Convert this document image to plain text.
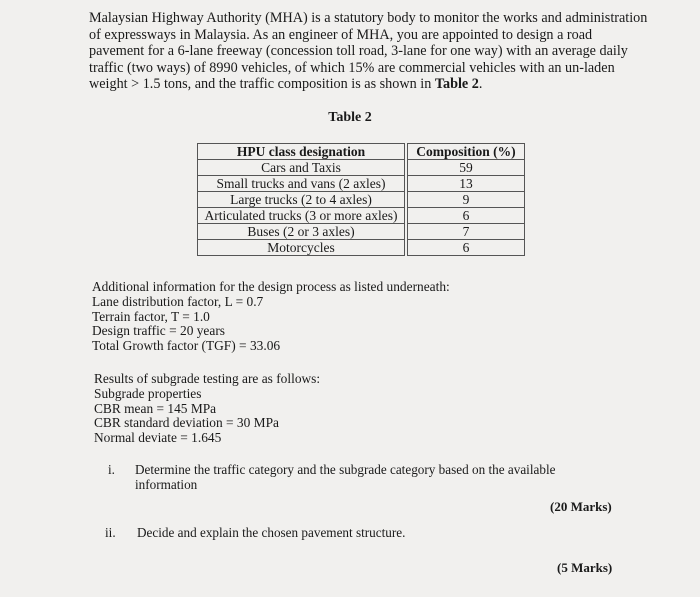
Malaysian Highway Authority (MHA) is a statutory body to monitor the works and administration of expressways in Malaysia. As an engineer of MHA, you are appointed to design a road pavement for a 6-lane freeway (concession toll road, 3-lane for one way) with an average daily traffic (two ways) of 8990 vehicles, of which 15% are commercial vehicles with an un-laden weight > 1.5 tons, and the traffic composition is as shown in Table 2.

Table 2
HPU class designation		Composition (%)
Cars and Taxis		59
Small trucks and vans (2 axles)		13
Large trucks (2 to 4 axles)		9
Articulated trucks (3 or more axles)		6
Buses (2 or 3 axles)		7
Motorcycles		6
Additional information for the design process as listed underneath:
Lane distribution factor, L = 0.7
Terrain factor, T = 1.0
Design traffic = 20 years
Total Growth factor (TGF) = 33.06
Results of subgrade testing are as follows:
Subgrade properties
CBR mean = 145 MPa
CBR standard deviation = 30 MPa
Normal deviate = 1.645
i. Determine the traffic category and the subgrade category based on the available information
(20 Marks)
ii. Decide and explain the chosen pavement structure.
(5 Marks)
